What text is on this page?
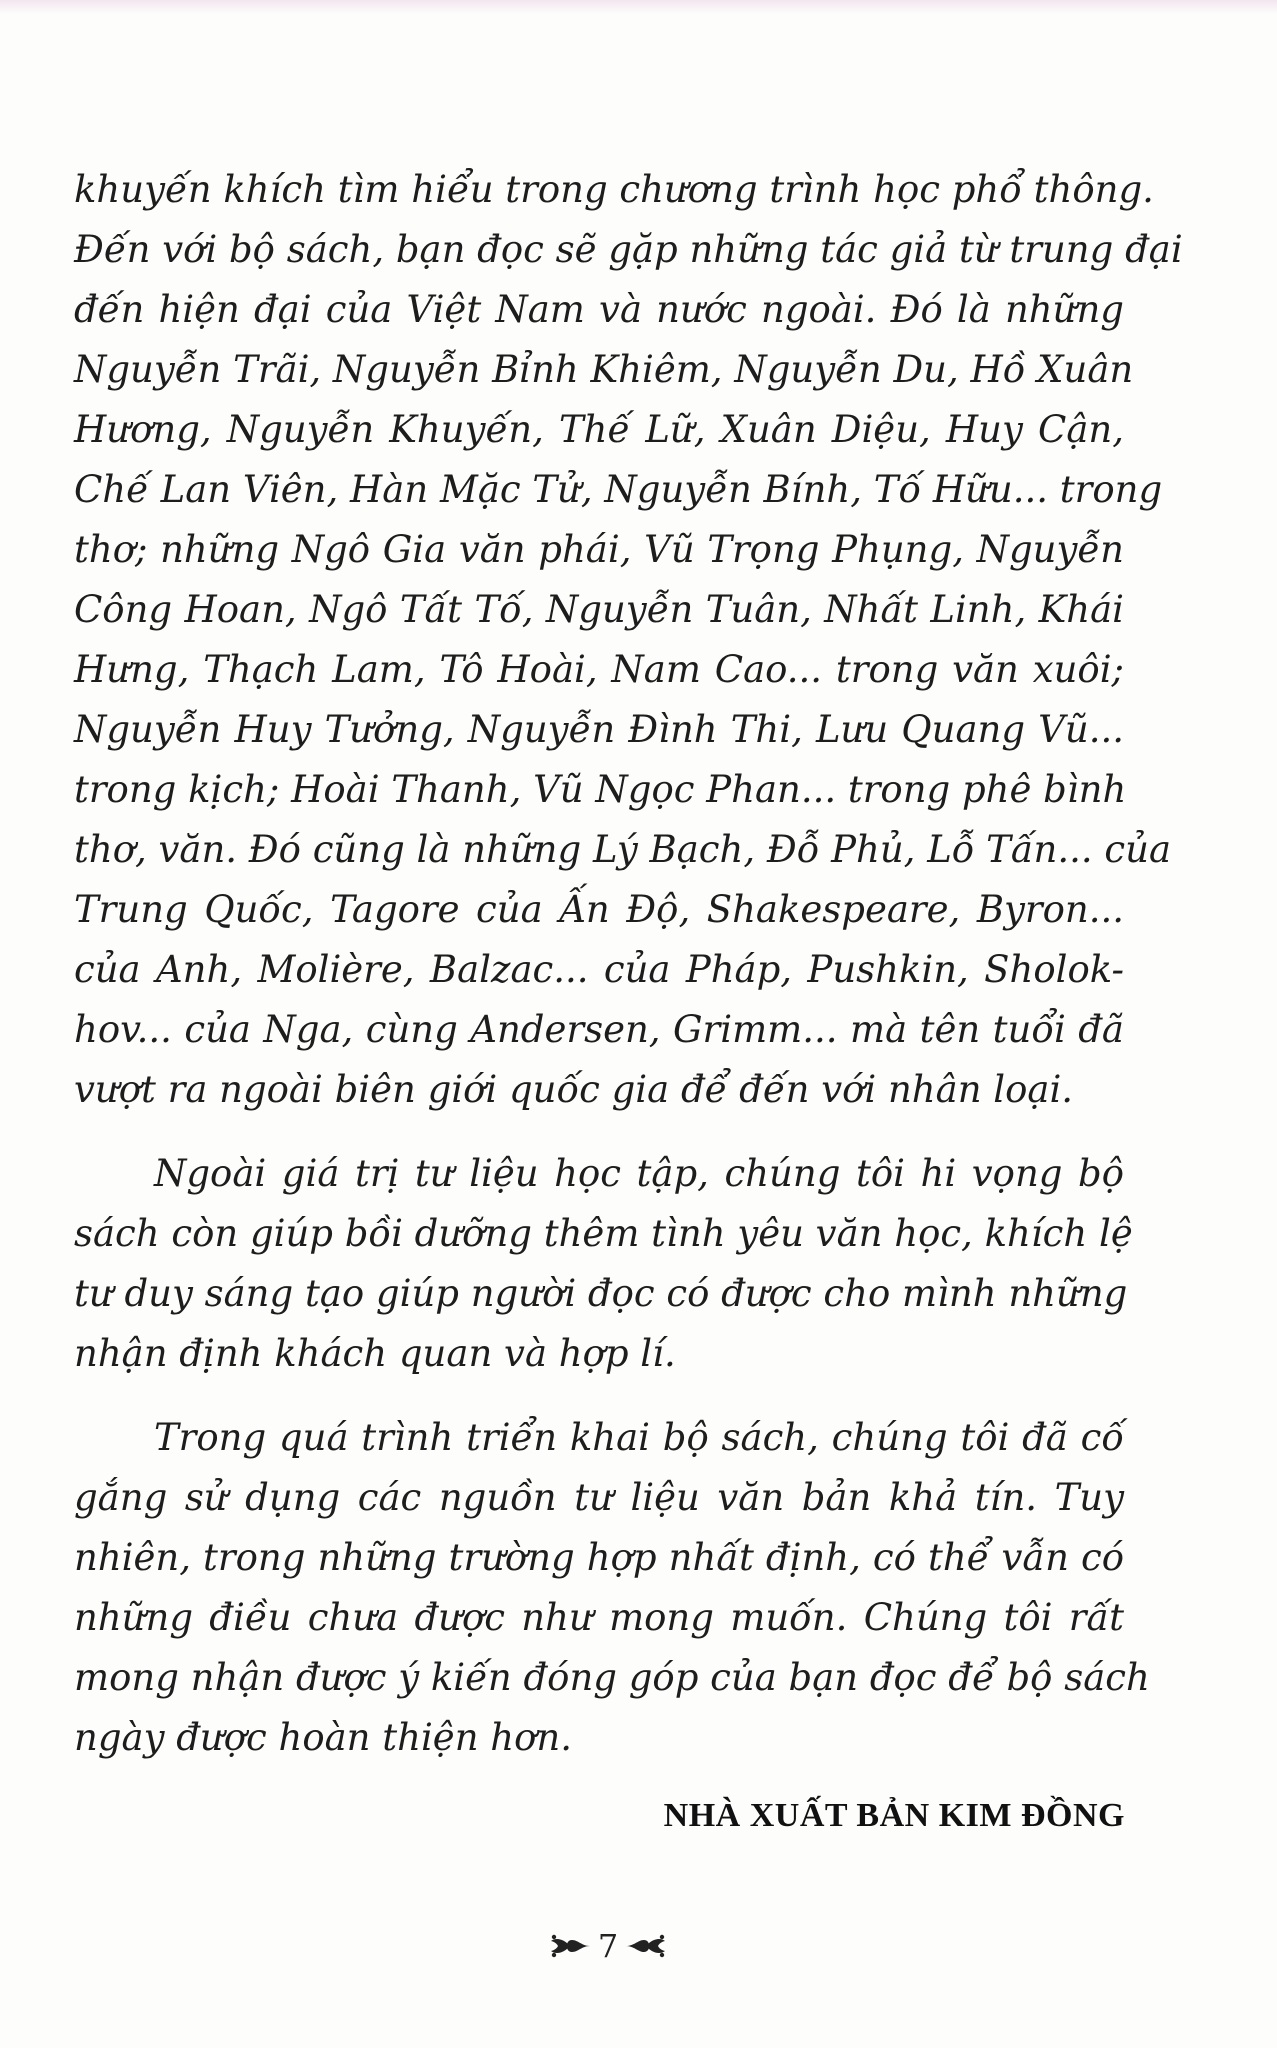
khuyến khích tìm hiểu trong chương trình học phổ thông.
Đến với bộ sách, bạn đọc sẽ gặp những tác giả từ trung đại
đến hiện đại của Việt Nam và nước ngoài. Đó là những
Nguyễn Trãi, Nguyễn Bỉnh Khiêm, Nguyễn Du, Hồ Xuân
Hương, Nguyễn Khuyến, Thế Lữ, Xuân Diệu, Huy Cận,
Chế Lan Viên, Hàn Mặc Tử, Nguyễn Bính, Tố Hữu... trong
thơ; những Ngô Gia văn phái, Vũ Trọng Phụng, Nguyễn
Công Hoan, Ngô Tất Tố, Nguyễn Tuân, Nhất Linh, Khái
Hưng, Thạch Lam, Tô Hoài, Nam Cao... trong văn xuôi;
Nguyễn Huy Tưởng, Nguyễn Đình Thi, Lưu Quang Vũ...
trong kịch; Hoài Thanh, Vũ Ngọc Phan... trong phê bình
thơ, văn. Đó cũng là những Lý Bạch, Đỗ Phủ, Lỗ Tấn... của
Trung Quốc, Tagore của Ấn Độ, Shakespeare, Byron...
của Anh, Molière, Balzac... của Pháp, Pushkin, Sholok-
hov... của Nga, cùng Andersen, Grimm... mà tên tuổi đã
vượt ra ngoài biên giới quốc gia để đến với nhân loại.
Ngoài giá trị tư liệu học tập, chúng tôi hi vọng bộ
sách còn giúp bồi dưỡng thêm tình yêu văn học, khích lệ
tư duy sáng tạo giúp người đọc có được cho mình những
nhận định khách quan và hợp lí.
Trong quá trình triển khai bộ sách, chúng tôi đã cố
gắng sử dụng các nguồn tư liệu văn bản khả tín. Tuy
nhiên, trong những trường hợp nhất định, có thể vẫn có
những điều chưa được như mong muốn. Chúng tôi rất
mong nhận được ý kiến đóng góp của bạn đọc để bộ sách
ngày được hoàn thiện hơn.
NHÀ XUẤT BẢN KIM ĐỒNG
7
